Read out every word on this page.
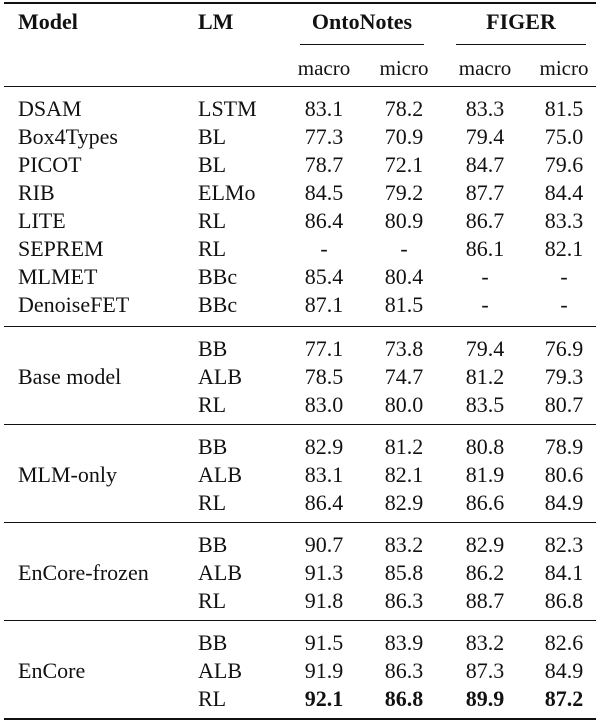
Model	LM	OntoNotes	FIGER
macro	micro	macro	micro
DSAM	LSTM	83.1	78.2	83.3	81.5
Box4Types	BL	77.3	70.9	79.4	75.0
PICOT	BL	78.7	72.1	84.7	79.6
RIB	ELMo	84.5	79.2	87.7	84.4
LITE	RL	86.4	80.9	86.7	83.3
SEPREM	RL	-	-	86.1	82.1
MLMET	BBc	85.4	80.4	-	-
DenoiseFET	BBc	87.1	81.5	-	-
Base model
BB	77.1	73.8	79.4	76.9
ALB	78.5	74.7	81.2	79.3
RL	83.0	80.0	83.5	80.7
MLM-only
BB	82.9	81.2	80.8	78.9
ALB	83.1	82.1	81.9	80.6
RL	86.4	82.9	86.6	84.9
EnCore-frozen
BB	90.7	83.2	82.9	82.3
ALB	91.3	85.8	86.2	84.1
RL	91.8	86.3	88.7	86.8
EnCore
BB	91.5	83.9	83.2	82.6
ALB	91.9	86.3	87.3	84.9
RL	92.1	86.8	89.9	87.2
